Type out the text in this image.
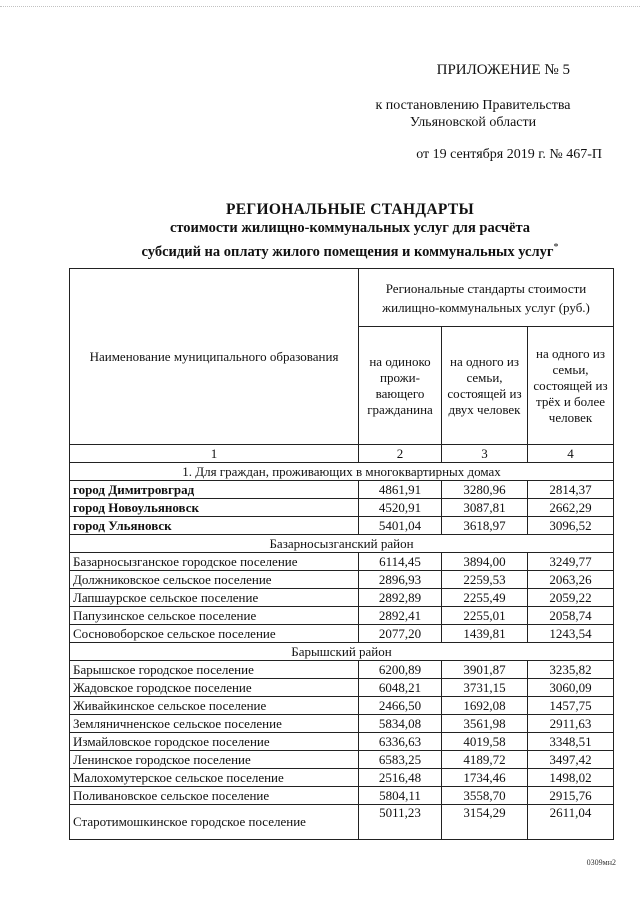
ПРИЛОЖЕНИЕ № 5
к постановлению Правительства
Ульяновской области
от 19 сентября 2019 г. № 467-П
РЕГИОНАЛЬНЫЕ СТАНДАРТЫ
стоимости жилищно-коммунальных услуг для расчёта
субсидий на оплату жилого помещения и коммунальных услуг*
Наименование муниципального образования	Региональные стандарты стоимости жилищно-коммунальных услуг (руб.)		
	на одиноко прожи- вающего гражданина	на одного из семьи, состоящей из двух человек	на одного из семьи, состоящей из трёх и более человек
1	2	3	4
1. Для граждан, проживающих в многоквартирных домах			
город Димитровград	4861,91	3280,96	2814,37
город Новоульяновск	4520,91	3087,81	2662,29
город Ульяновск	5401,04	3618,97	3096,52
Базарносызганский район			
Базарносызганское городское поселение	6114,45	3894,00	3249,77
Должниковское сельское поселение	2896,93	2259,53	2063,26
Лапшаурское сельское поселение	2892,89	2255,49	2059,22
Папузинское сельское поселение	2892,41	2255,01	2058,74
Сосновоборское сельское поселение	2077,20	1439,81	1243,54
Барышский район			
Барышское городское поселение	6200,89	3901,87	3235,82
Жадовское городское поселение	6048,21	3731,15	3060,09
Живайкинское сельское поселение	2466,50	1692,08	1457,75
Земляничненское сельское поселение	5834,08	3561,98	2911,63
Измайловское городское поселение	6336,63	4019,58	3348,51
Ленинское городское поселение	6583,25	4189,72	3497,42
Малохомутерское сельское поселение	2516,48	1734,46	1498,02
Поливановское сельское поселение	5804,11	3558,70	2915,76
Старотимошкинское городское поселение	5011,23	3154,29	2611,04
0309мн2
